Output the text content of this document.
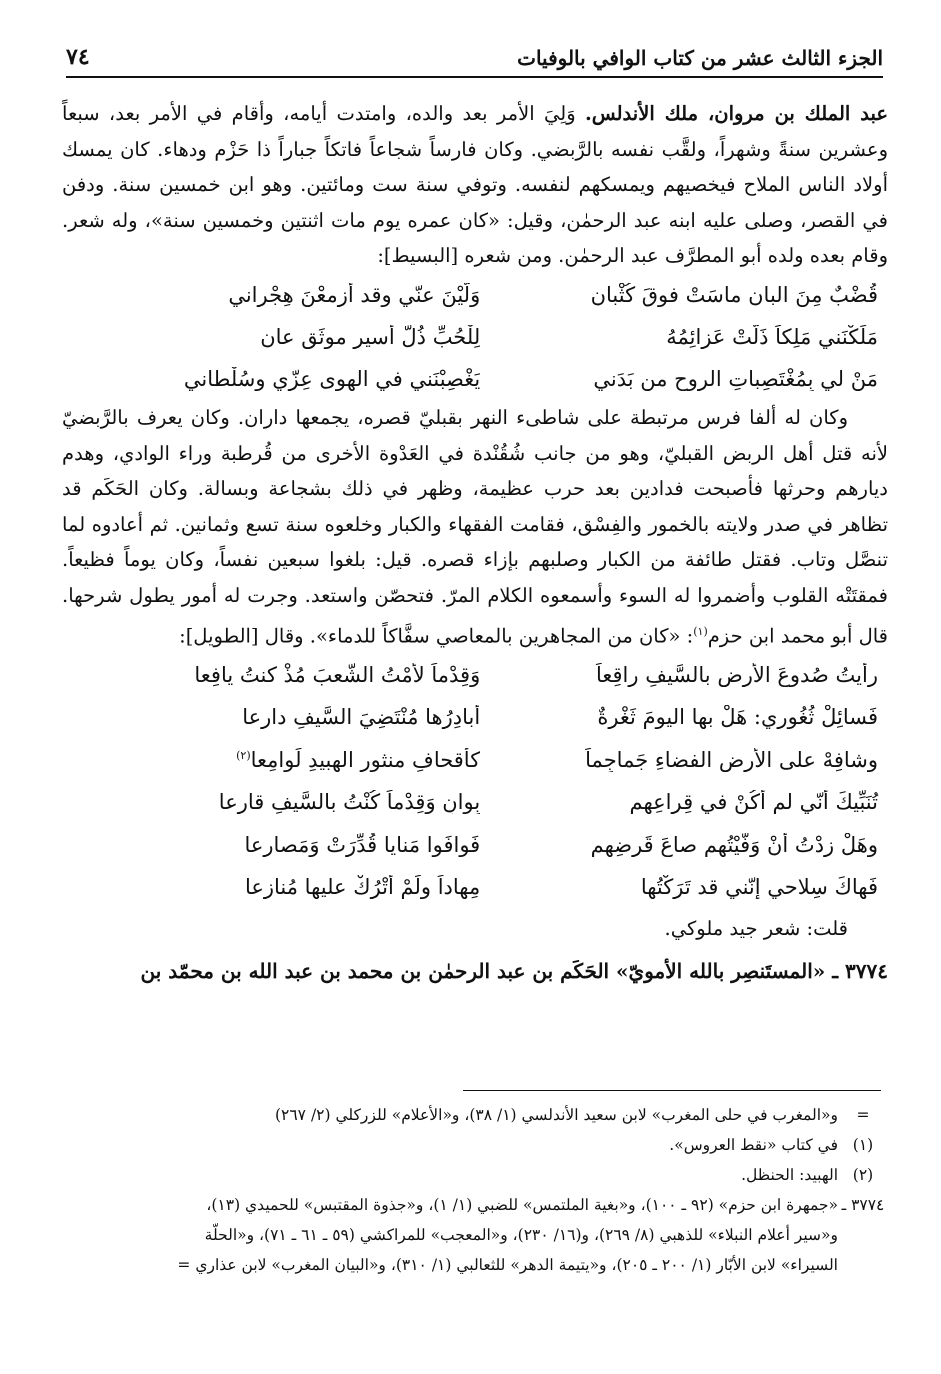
الجزء الثالث عشر من كتاب الوافي بالوفيات
٧٤

عبد الملك بن مروان، ملك الأندلس. وَلِيَ الأمر بعد والده، وامتدت أيامه، وأقام في الأمر بعد، سبعاً وعشرين سنةً وشهراً، ولقَّب نفسه بالرَّبضي. وكان فارساً شجاعاً فاتكاً جباراً ذا حَزْم ودهاء. كان يمسك أولاد الناس الملاح فيخصيهم ويمسكهم لنفسه. وتوفي سنة ست ومائتين. وهو ابن خمسين سنة. ودفن في القصر، وصلى عليه ابنه عبد الرحمٰن، وقيل: «كان عمره يوم مات اثنتين وخمسين سنة»، وله شعر. وقام بعده ولده أبو المطرَّف عبد الرحمٰن. ومن شعره [البسيط]:

قُضْبٌ مِنَ البانِ ماسَتْ فوقَ كُثْبانِ
وَلَّيْنَ عنّي وقد أزمعْنَ هِجْراني
مَلَكْنَني مَلِكاً ذَلَّتْ عَزائِمُهُ
لِلْحُبِّ ذُلَّ أسيرٍ موثَقٍ عانِ
مَنْ لي بِمُغْتَصِباتِ الروحِ من بَدَني
يَغْصِبْنَني في الهوى عِزّي وسُلْطاني

وكان له ألفا فرس مرتبطة على شاطىء النهر بقبليّ قصره، يجمعها داران. وكان يعرف بالرَّبضيّ لأنه قتل أهل الربض القبليّ، وهو من جانب شُقُنْدة في العَدْوة الأخرى من قُرطبة وراء الوادي، وهدم ديارهم وحرثها فأصبحت فدادين بعد حرب عظيمة، وظهر في ذلك بشجاعة وبسالة. وكان الحَكَم قد تظاهر في صدر ولايته بالخمور والفِسْق، فقامت الفقهاء والكبار وخلعوه سنة تسع وثمانين. ثم أعادوه لما تنصَّل وتاب. فقتل طائفة من الكبار وصلبهم بإزاء قصره. قيل: بلغوا سبعين نفساً، وكان يوماً فظيعاً. فمقتَتْه القلوب وأضمروا له السوء وأسمعوه الكلام المرّ. فتحصّن واستعد. وجرت له أمور يطول شرحها. قال أبو محمد ابن حزم$^{(١)}$: «كان من المجاهرين بالمعاصي سفَّاكاً للدماء». وقال [الطويل]:

رأيتُ صُدوعَ الأرضِ بالسَّيفِ راقِعاً
وَقِدْماً لأَمْتُ الشَّعبَ مُذْ كنتُ يافِعا
فَسائِلْ ثُغُوري: هَلْ بها اليومَ ثَغْرةٌ
أُبادِرُها مُنْتَضِيَ السَّيفِ دارِعا
وشافِهْ على الأرضِ الفضاءِ جَماجِماً
كأقحافِ منثورِ الهبيدِ لَوامِعا$^{(٢)}$
تُنَبِّيكَ أنّي لم أكُنْ في قِراعِهِم
بِوانٍ وَقِدْماً كُنْتُ بالسَّيفِ قارِعا
وهَلْ زِدْتُ أنْ وَفَّيْتُهم صاعَ قَرضِهم
فَوافَوا مَنايا قُدِّرَتْ وَمَصارِعا
فَهاكَ سِلاحي إنّني قد تَرَكْتُها
مِهاداً ولَمْ أتْرُكْ عليها مُنازِعا

قلت: شعر جيد ملوكي.

٣٧٧٤ ـ «المستَنصِر بالله الأمويّ» الحَكَم بن عبد الرحمٰن بن محمد بن عبد الله بن محمّد بن

=
و«المغرب في حلى المغرب» لابن سعيد الأندلسي (١/ ٣٨)، و«الأعلام» للزركلي (٢/ ٢٦٧)
(١)
في كتاب «نقط العروس».
(٢)
الهبيد: الحنظل.
٣٧٧٤ ـ
«جمهرة ابن حزم» (٩٢ ـ ١٠٠)، و«بغية الملتمس» للضبي (١/ ١)، و«جذوة المقتبس» للحميدي (١٣)،
و«سير أعلام النبلاء» للذهبي (٨/ ٢٦٩)، و(١٦/ ٢٣٠)، و«المعجب» للمراكشي (٥٩ ـ ٦١ ـ ٧١)، و«الحلّة
السيراء» لابن الأبّار (١/ ٢٠٠ ـ ٢٠٥)، و«يتيمة الدهر» للثعالبي (١/ ٣١٠)، و«البيان المغرب» لابن عذاري =
